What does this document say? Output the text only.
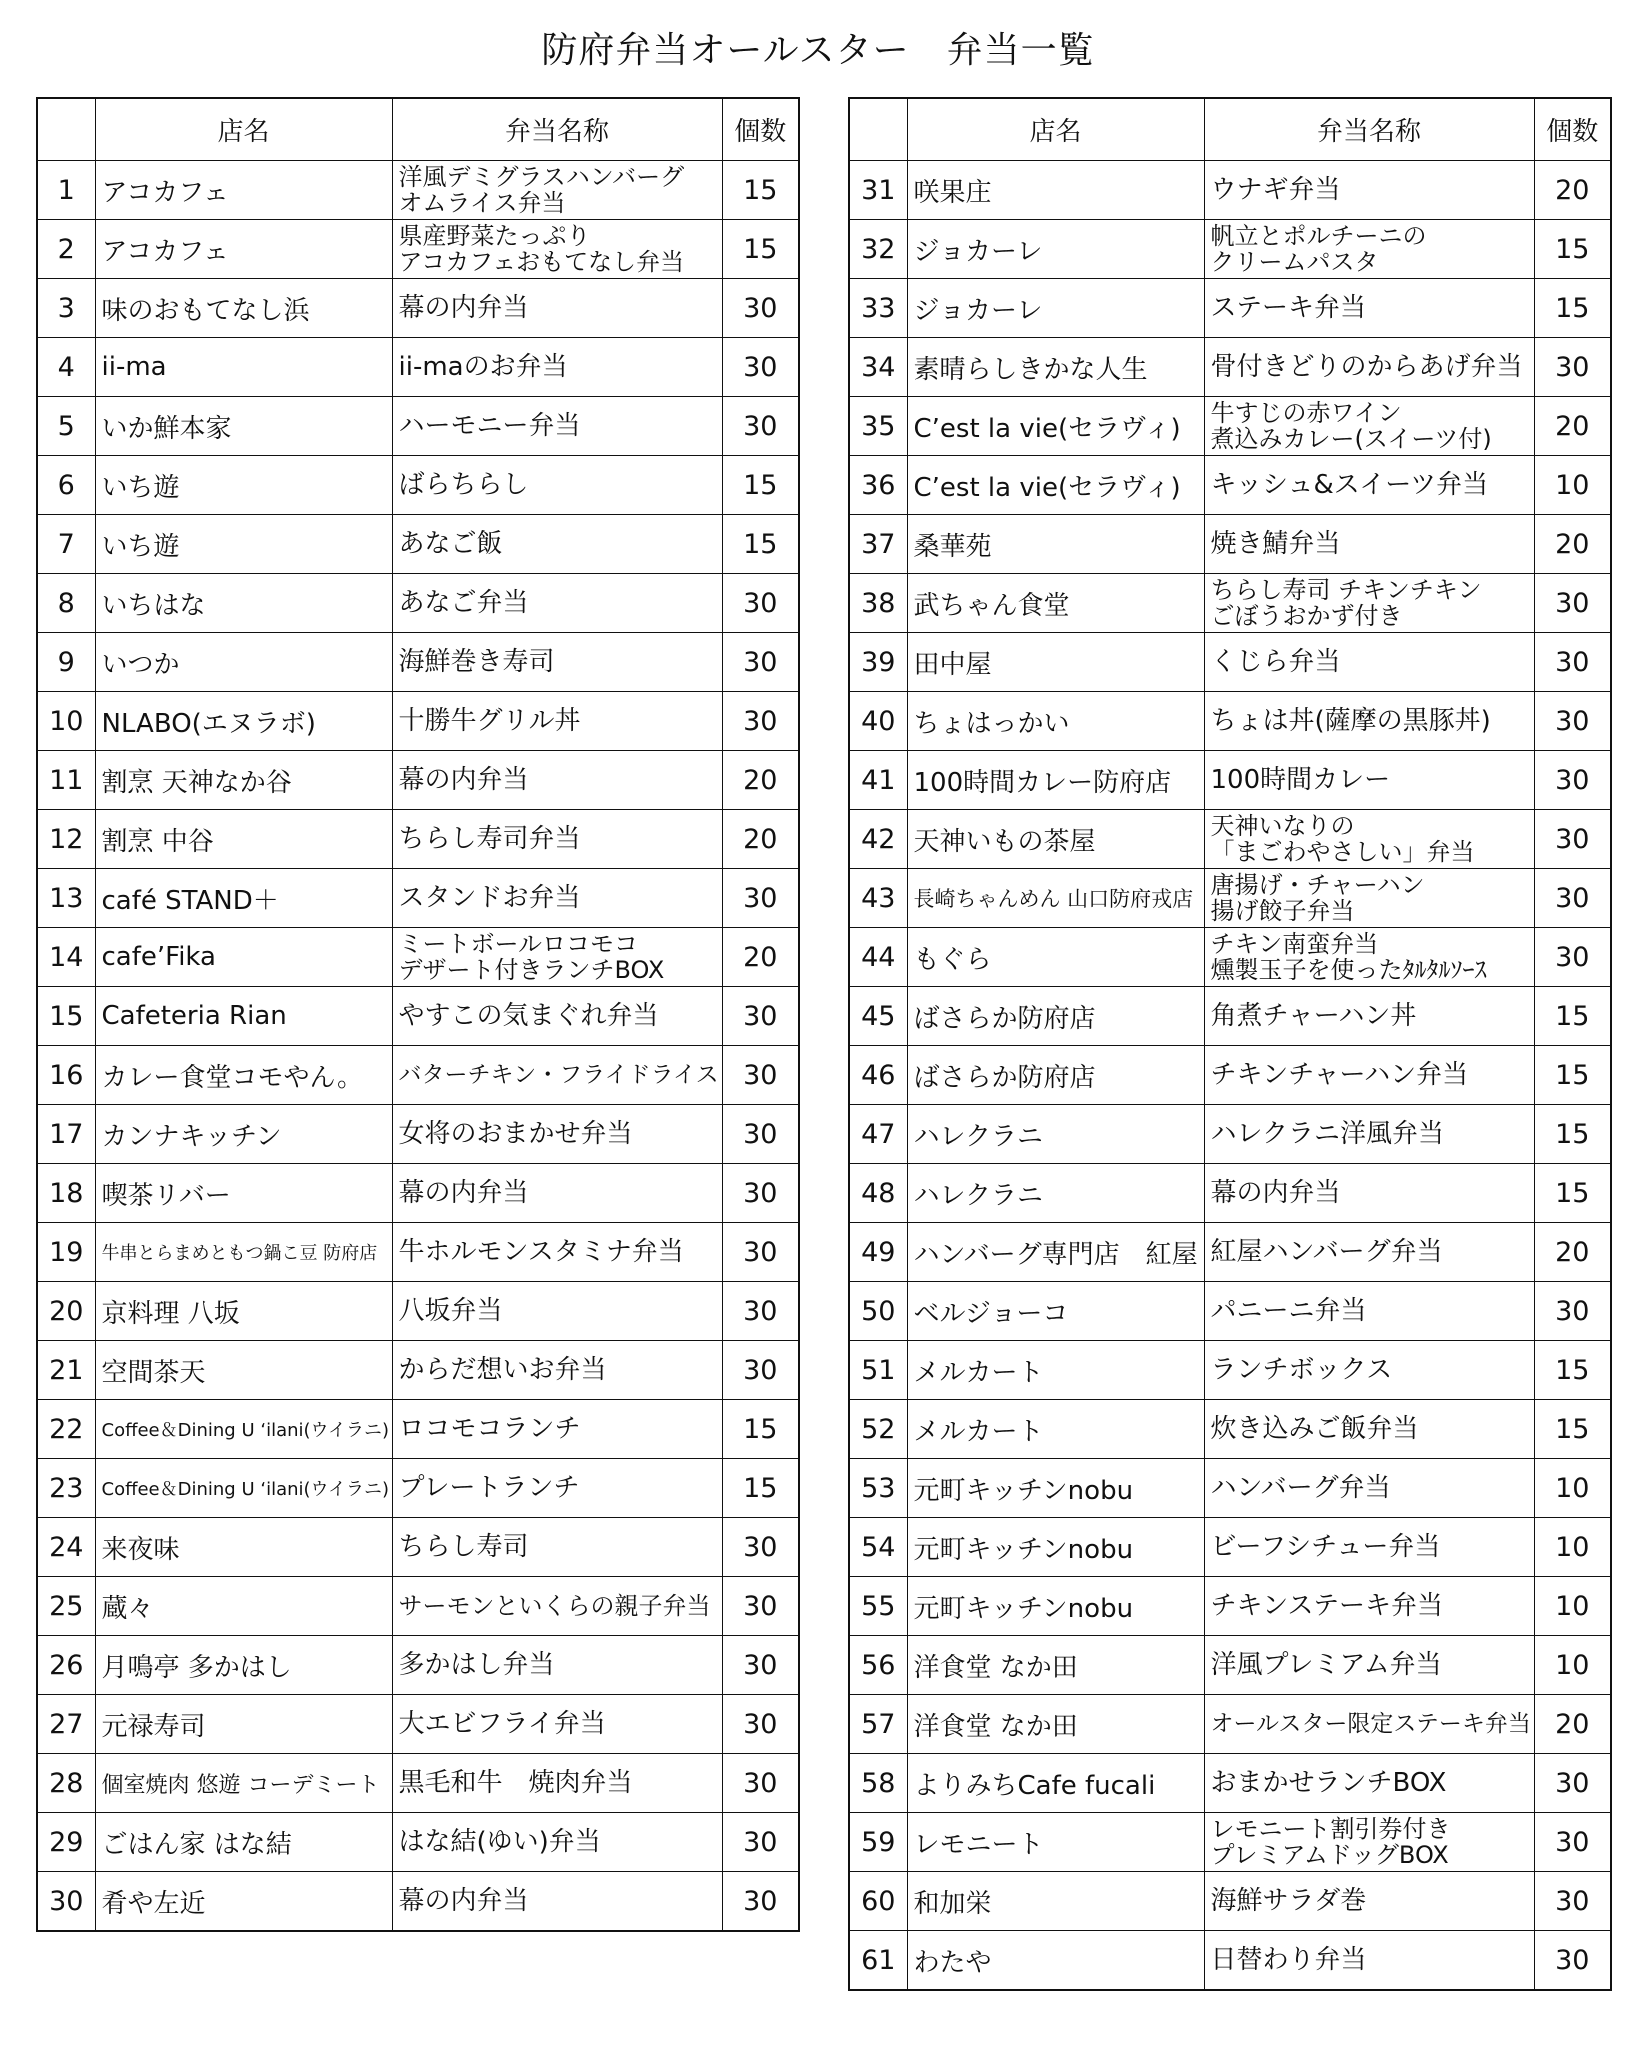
防府弁当オールスター　弁当一覧
	店名	弁当名称	個数
1	アコカフェ	洋風デミグラスハンバーグ
オムライス弁当	15
2	アコカフェ	県産野菜たっぷり
アコカフェおもてなし弁当	15
3	味のおもてなし浜	幕の内弁当	30
4	ii-ma	ii-maのお弁当	30
5	いか鮮本家	ハーモニー弁当	30
6	いち遊	ばらちらし	15
7	いち遊	あなご飯	15
8	いちはな	あなご弁当	30
9	いつか	海鮮巻き寿司	30
10	NLABO(エヌラボ)	十勝牛グリル丼	30
11	割烹 天神なか谷	幕の内弁当	20
12	割烹 中谷	ちらし寿司弁当	20
13	café STAND＋	スタンドお弁当	30
14	cafe’Fika	ミートボールロコモコ
デザート付きランチBOX	20
15	Cafeteria Rian	やすこの気まぐれ弁当	30
16	カレー食堂コモやん。	バターチキン・フライドライス	30
17	カンナキッチン	女将のおまかせ弁当	30
18	喫茶リバー	幕の内弁当	30
19	牛串とらまめともつ鍋こ豆 防府店	牛ホルモンスタミナ弁当	30
20	京料理 八坂	八坂弁当	30
21	空間茶天	からだ想いお弁当	30
22	Coffee＆Dining U ‘ilani(ウイラニ)	ロコモコランチ	15
23	Coffee＆Dining U ‘ilani(ウイラニ)	プレートランチ	15
24	来夜味	ちらし寿司	30
25	蔵々	サーモンといくらの親子弁当	30
26	月鳴亭 多かはし	多かはし弁当	30
27	元禄寿司	大エビフライ弁当	30
28	個室焼肉 悠遊 コーデミート	黒毛和牛　焼肉弁当	30
29	ごはん家 はな結	はな結(ゆい)弁当	30
30	肴や左近	幕の内弁当	30
	店名	弁当名称	個数
31	咲果庄	ウナギ弁当	20
32	ジョカーレ	帆立とポルチーニの
クリームパスタ	15
33	ジョカーレ	ステーキ弁当	15
34	素晴らしきかな人生	骨付きどりのからあげ弁当	30
35	C’est la vie(セラヴィ)	牛すじの赤ワイン
煮込みカレー(スイーツ付)	20
36	C’est la vie(セラヴィ)	キッシュ&スイーツ弁当	10
37	桑華苑	焼き鯖弁当	20
38	武ちゃん食堂	ちらし寿司 チキンチキン
ごぼうおかず付き	30
39	田中屋	くじら弁当	30
40	ちょはっかい	ちょは丼(薩摩の黒豚丼)	30
41	100時間カレー防府店	100時間カレー	30
42	天神いもの茶屋	天神いなりの
「まごわやさしい」弁当	30
43	長崎ちゃんめん 山口防府戎店	唐揚げ・チャーハン
揚げ餃子弁当	30
44	もぐら	チキン南蛮弁当
燻製玉子を使ったﾀﾙﾀﾙｿｰｽ	30
45	ばさらか防府店	角煮チャーハン丼	15
46	ばさらか防府店	チキンチャーハン弁当	15
47	ハレクラニ	ハレクラニ洋風弁当	15
48	ハレクラニ	幕の内弁当	15
49	ハンバーグ専門店　紅屋	紅屋ハンバーグ弁当	20
50	ベルジョーコ	パニーニ弁当	30
51	メルカート	ランチボックス	15
52	メルカート	炊き込みご飯弁当	15
53	元町キッチンnobu	ハンバーグ弁当	10
54	元町キッチンnobu	ビーフシチュー弁当	10
55	元町キッチンnobu	チキンステーキ弁当	10
56	洋食堂 なか田	洋風プレミアム弁当	10
57	洋食堂 なか田	オールスター限定ステーキ弁当	20
58	よりみちCafe fucali	おまかせランチBOX	30
59	レモニート	レモニート割引券付き
プレミアムドッグBOX	30
60	和加栄	海鮮サラダ巻	30
61	わたや	日替わり弁当	30
